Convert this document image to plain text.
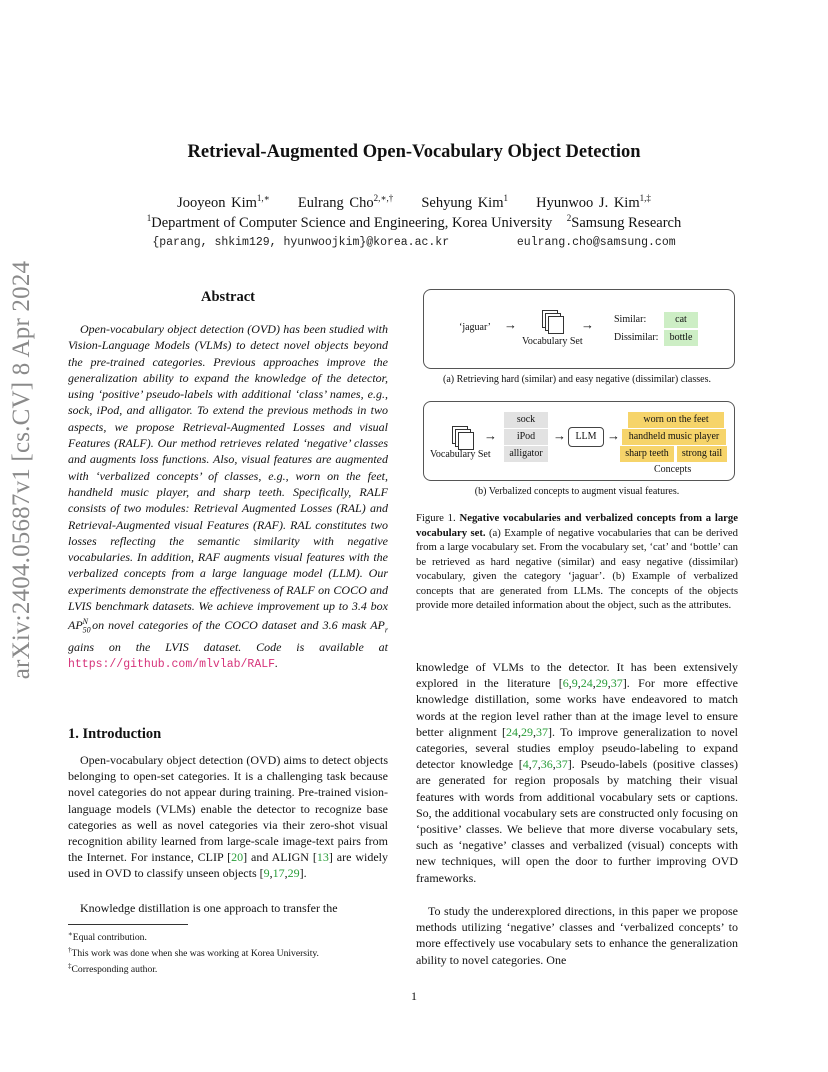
arXiv:2404.05687v1 [cs.CV] 8 Apr 2024
Retrieval-Augmented Open-Vocabulary Object Detection
Jooyeon Kim$^{1,∗}$ Eulrang Cho$^{2,∗,\dagger}$ Sehyung Kim$^1$ Hyunwoo J. Kim$^{1,\ddagger}$
$^1$Department of Computer Science and Engineering, Korea University $^2$Samsung Research
{parang, shkim129, hyunwoojkim}@korea.ac.kr	eulrang.cho@samsung.com
Abstract
Open-vocabulary object detection (OVD) has been studied with Vision-Language Models (VLMs) to detect novel objects beyond the pre-trained categories. Previous approaches improve the generalization ability to expand the knowledge of the detector, using ‘positive’ pseudo-labels with additional ‘class’ names, e.g., sock, iPod, and alligator. To extend the previous methods in two aspects, we propose Retrieval-Augmented Losses and visual Features (RALF). Our method retrieves related ‘negative’ classes and augments loss functions. Also, visual features are augmented with ‘verbalized concepts’ of classes, e.g., worn on the feet, handheld music player, and sharp teeth. Specifically, RALF consists of two modules: Retrieval Augmented Losses (RAL) and Retrieval-Augmented visual Features (RAF). RAL constitutes two losses reflecting the semantic similarity with negative vocabularies. In addition, RAF augments visual features with the verbalized concepts from a large language model (LLM). Our experiments demonstrate the effectiveness of RALF on COCO and LVIS benchmark datasets. We achieve improvement up to 3.4 box $AP_{50}^N$ on novel categories of the COCO dataset and 3.6 mask $AP_r$ gains on the LVIS dataset. Code is available at https://github.com/mlvlab/RALF.
1. Introduction
Open-vocabulary object detection (OVD) aims to detect objects belonging to open-set categories. It is a challenging task because novel categories do not appear during training. Pre-trained vision-language models (VLMs) enable the detector to recognize base categories as well as novel categories via their zero-shot visual recognition ability learned from large-scale image-text pairs from the Internet. For instance, CLIP [20] and ALIGN [13] are widely used in OVD to classify unseen objects [9,17,29].
Knowledge distillation is one approach to transfer the
∗Equal contribution.
†This work was done when she was working at Korea University.
‡Corresponding author.
1
‘jaguar’ →
Vocabulary Set
→ Similar:	cat
Dissimilar:	bottle
(a) Retrieving hard (similar) and easy negative (dissimilar) classes.
Vocabulary Set
→
sock
iPod
alligator
→ LLM →
worn on the feet
handheld music player
sharp teeth	strong tail
Concepts
(b) Verbalized concepts to augment visual features.
Figure 1. Negative vocabularies and verbalized concepts from a large vocabulary set. (a) Example of negative vocabularies that can be derived from a large vocabulary set. From the vocabulary set, ‘cat’ and ‘bottle’ can be retrieved as hard negative (similar) and easy negative (dissimilar) vocabulary, given the category ‘jaguar’. (b) Example of verbalized concepts that are generated from LLMs. The concepts of the objects provide more detailed information about the object, such as the attributes.
knowledge of VLMs to the detector. It has been extensively explored in the literature [6,9,24,29,37]. For more effective knowledge distillation, some works have endeavored to match words at the region level rather than at the image level to ensure better alignment [24,29,37]. To improve generalization to novel categories, several studies employ pseudo-labeling to expand detector knowledge [4,7,36,37]. Pseudo-labels (positive classes) are generated for region proposals by matching their visual features with words from additional vocabulary sets or captions. So, the additional vocabulary sets are constructed only focusing on ‘positive’ classes. We believe that more diverse vocabulary sets, such as ‘negative’ classes and verbalized (visual) concepts with new techniques, will open the door to further improving OVD frameworks.
To study the underexplored directions, in this paper we propose methods utilizing ‘negative’ classes and ‘verbalized concepts’ to more effectively use vocabulary sets to enhance the generalization ability to novel categories. One
